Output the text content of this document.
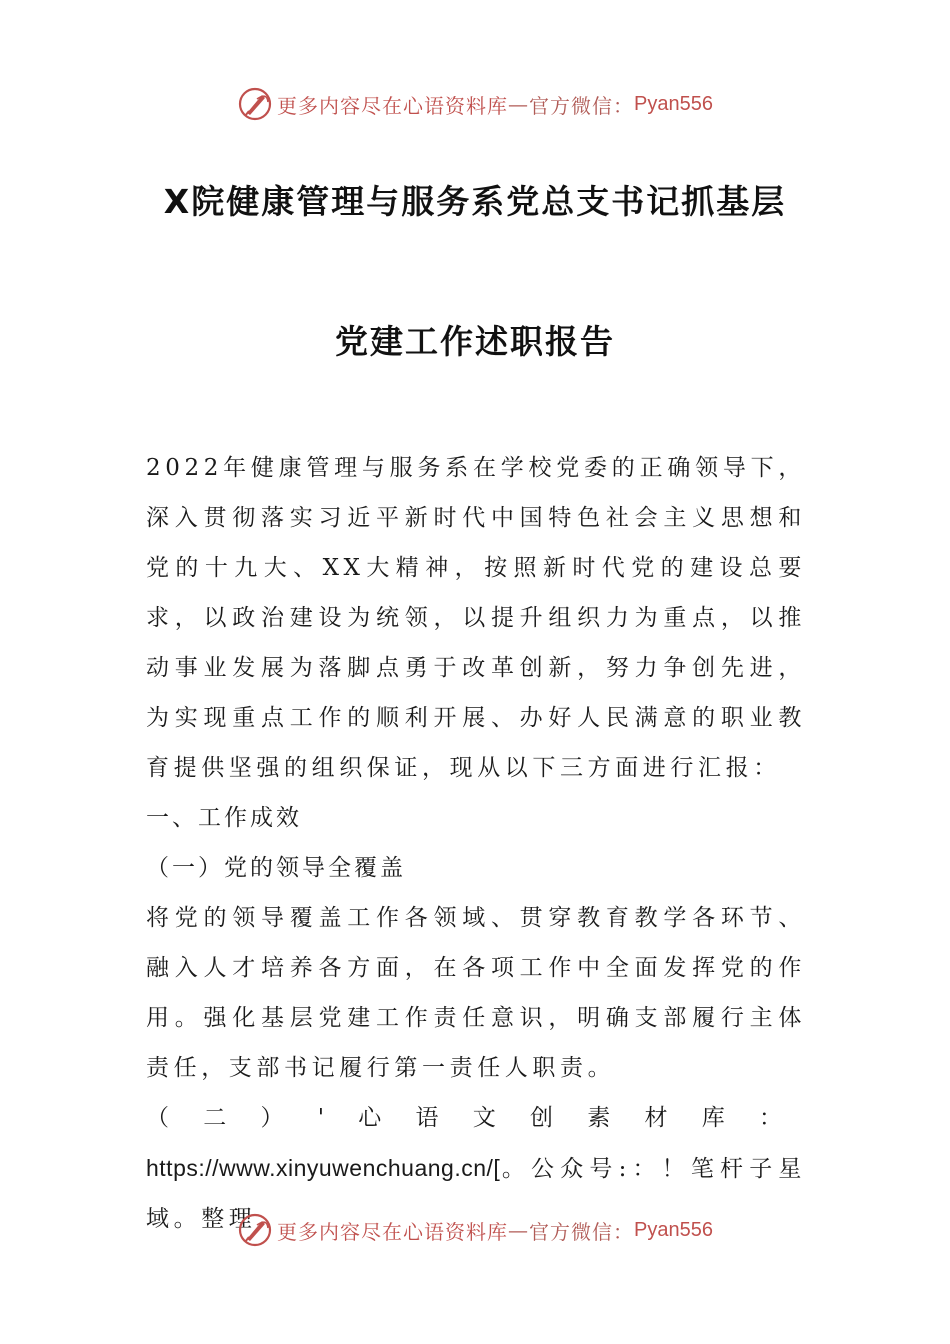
更多内容尽在心语资料库 — 官方微信： Pyan556
X院健康管理与服务系党总支书记抓基层
党建工作述职报告

2022年健康管理与服务系在学校党委的正确领导下，深入贯彻落实习近平新时代中国特色社会主义思想和党的十九大、XX大精神，按照新时代党的建设总要求，以政治建设为统领，以提升组织力为重点，以推动事业发展为落脚点勇于改革创新，努力争创先进，为实现重点工作的顺利开展、办好人民满意的职业教育提供坚强的组织保证，现从以下三方面进行汇报：

一、工作成效

（一）党的领导全覆盖

将党的领导覆盖工作各领域、贯穿教育教学各环节、融入人才培养各方面，在各项工作中全面发挥党的作用。强化基层党建工作责任意识，明确支部履行主体责任，支部书记履行第一责任人职责。

（二）'心语文创素材库：https://www.xinyuwenchuang.cn/[。公众号:：！笔杆子星域。整理	更多内容尽在心语资料库 — 官方微信： Pyan556
